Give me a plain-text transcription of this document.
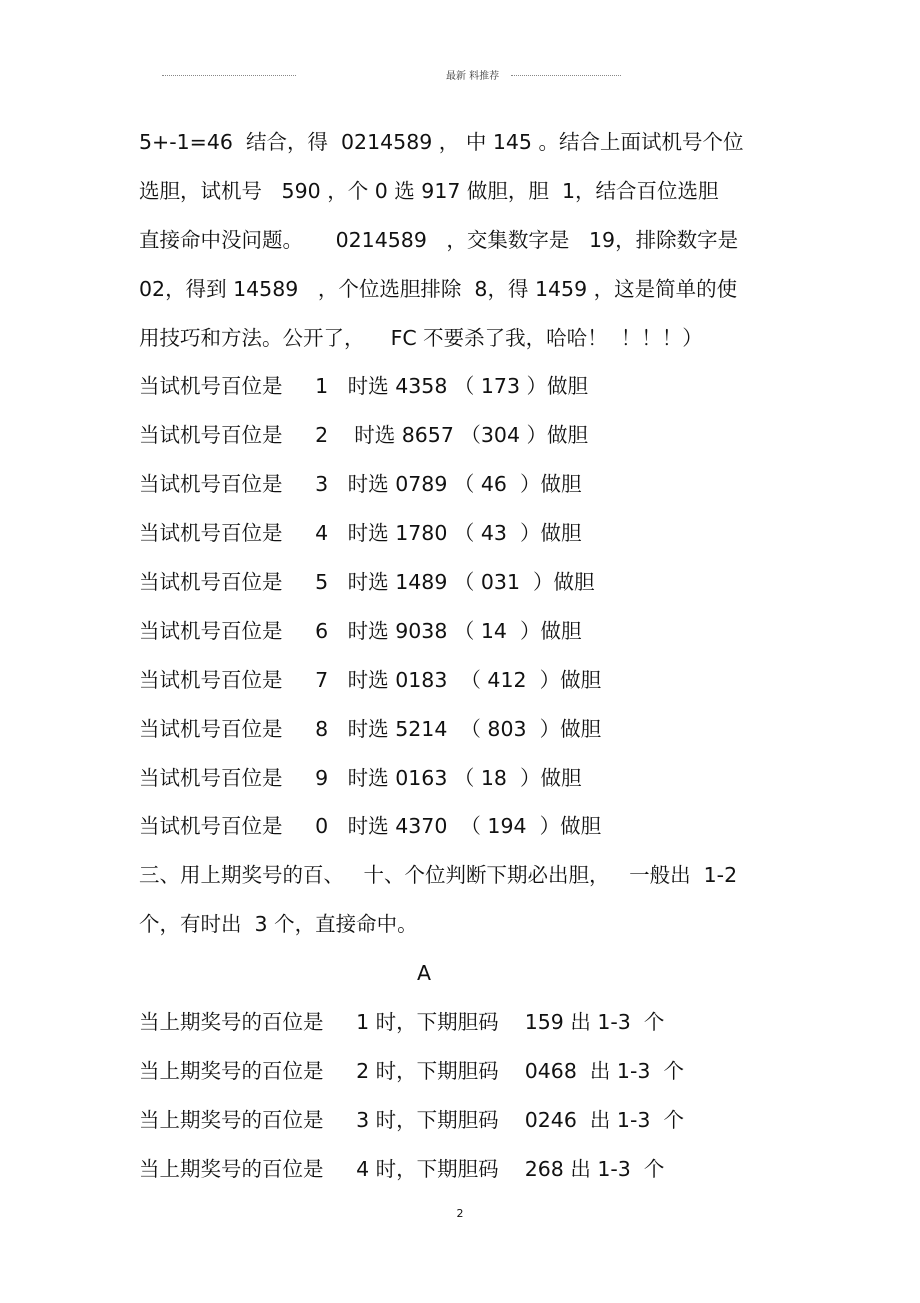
最新 料推荐
5+-1=46  结合，得  0214589 ， 中 145 。结合上面试机号个位
选胆，试机号   590 ，个 0 选 917 做胆，胆  1，结合百位选胆
直接命中没问题。     0214589   ，交集数字是   19，排除数字是
02，得到 14589   ，个位选胆排除  8，得 1459 ，这是简单的使
用技巧和方法。公开了，    FC 不要杀了我，哈哈！  ！！！）
当试机号百位是     1   时选 4358 （ 173 ）做胆
当试机号百位是     2    时选 8657 （304 ）做胆
当试机号百位是     3   时选 0789 （ 46  ）做胆
当试机号百位是     4   时选 1780 （ 43  ）做胆
当试机号百位是     5   时选 1489 （ 031  ）做胆
当试机号百位是     6   时选 9038 （ 14  ）做胆
当试机号百位是     7   时选 0183  （ 412  ）做胆
当试机号百位是     8   时选 5214  （ 803  ）做胆
当试机号百位是     9   时选 0163 （ 18  ）做胆
当试机号百位是     0   时选 4370  （ 194  ）做胆
三、用上期奖号的百、   十、个位判断下期必出胆，   一般出  1-2
个，有时出  3 个，直接命中。
A
当上期奖号的百位是     1 时，下期胆码    159 出 1-3  个
当上期奖号的百位是     2 时，下期胆码    0468  出 1-3  个
当上期奖号的百位是     3 时，下期胆码    0246  出 1-3  个
当上期奖号的百位是     4 时，下期胆码    268 出 1-3  个
2
